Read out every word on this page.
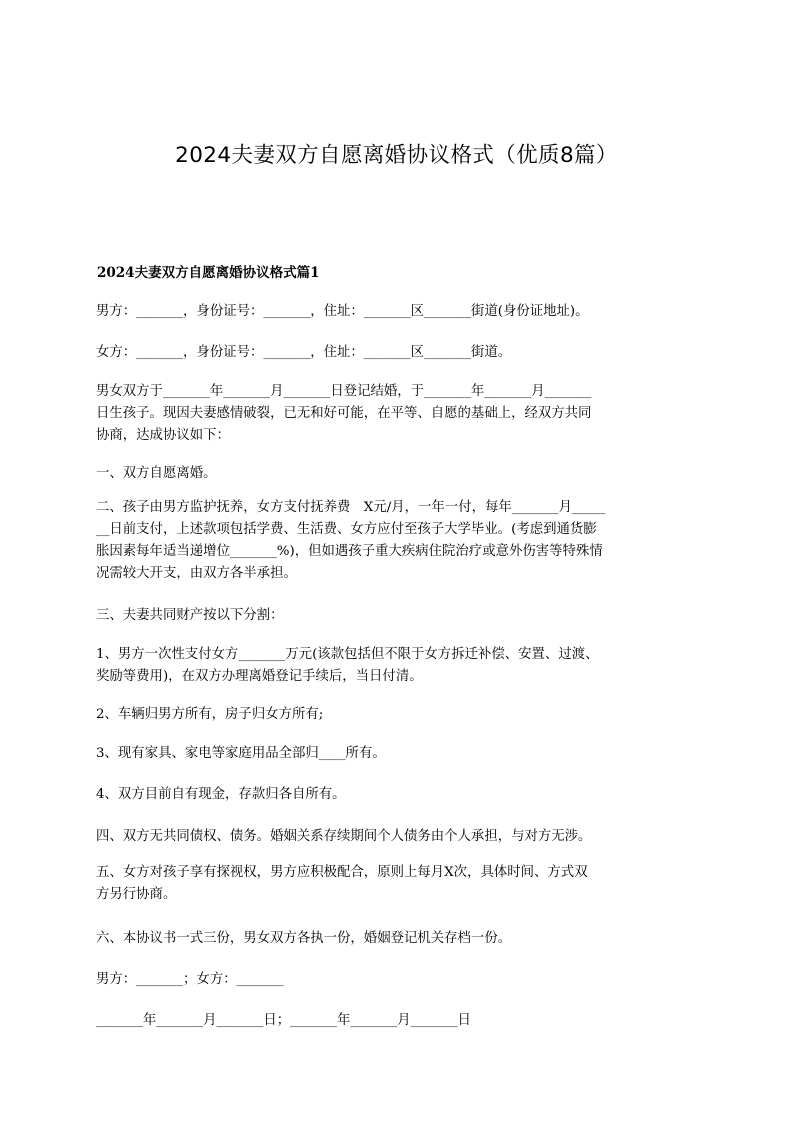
2024夫妻双方自愿离婚协议格式（优质8篇）
2024夫妻双方自愿离婚协议格式篇1
男方：_______，身份证号：_______，住址：_______区_______街道(身份证地址)。
女方：_______，身份证号：_______，住址：_______区_______街道。
男女双方于_______年_______月_______日登记结婚，于_______年_______月_______
日生孩子。现因夫妻感情破裂，已无和好可能，在平等、自愿的基础上，经双方共同
协商，达成协议如下：
一、双方自愿离婚。
二、孩子由男方监护抚养，女方支付抚养费　X元/月，一年一付，每年_______月_____
__日前支付，上述款项包括学费、生活费、女方应付至孩子大学毕业。(考虑到通货膨
胀因素每年适当递增位_______%)，但如遇孩子重大疾病住院治疗或意外伤害等特殊情
况需较大开支，由双方各半承担。
三、夫妻共同财产按以下分割：
1、男方一次性支付女方_______万元(该款包括但不限于女方拆迁补偿、安置、过渡、
奖励等费用)，在双方办理离婚登记手续后，当日付清。
2、车辆归男方所有，房子归女方所有;
3、现有家具、家电等家庭用品全部归____所有。
4、双方目前自有现金，存款归各自所有。
四、双方无共同债权、债务。婚姻关系存续期间个人债务由个人承担，与对方无涉。
五、女方对孩子享有探视权，男方应积极配合，原则上每月X次，具体时间、方式双
方另行协商。
六、本协议书一式三份，男女双方各执一份，婚姻登记机关存档一份。
男方：_______；女方：_______
_______年_______月_______日；_______年_______月_______日
